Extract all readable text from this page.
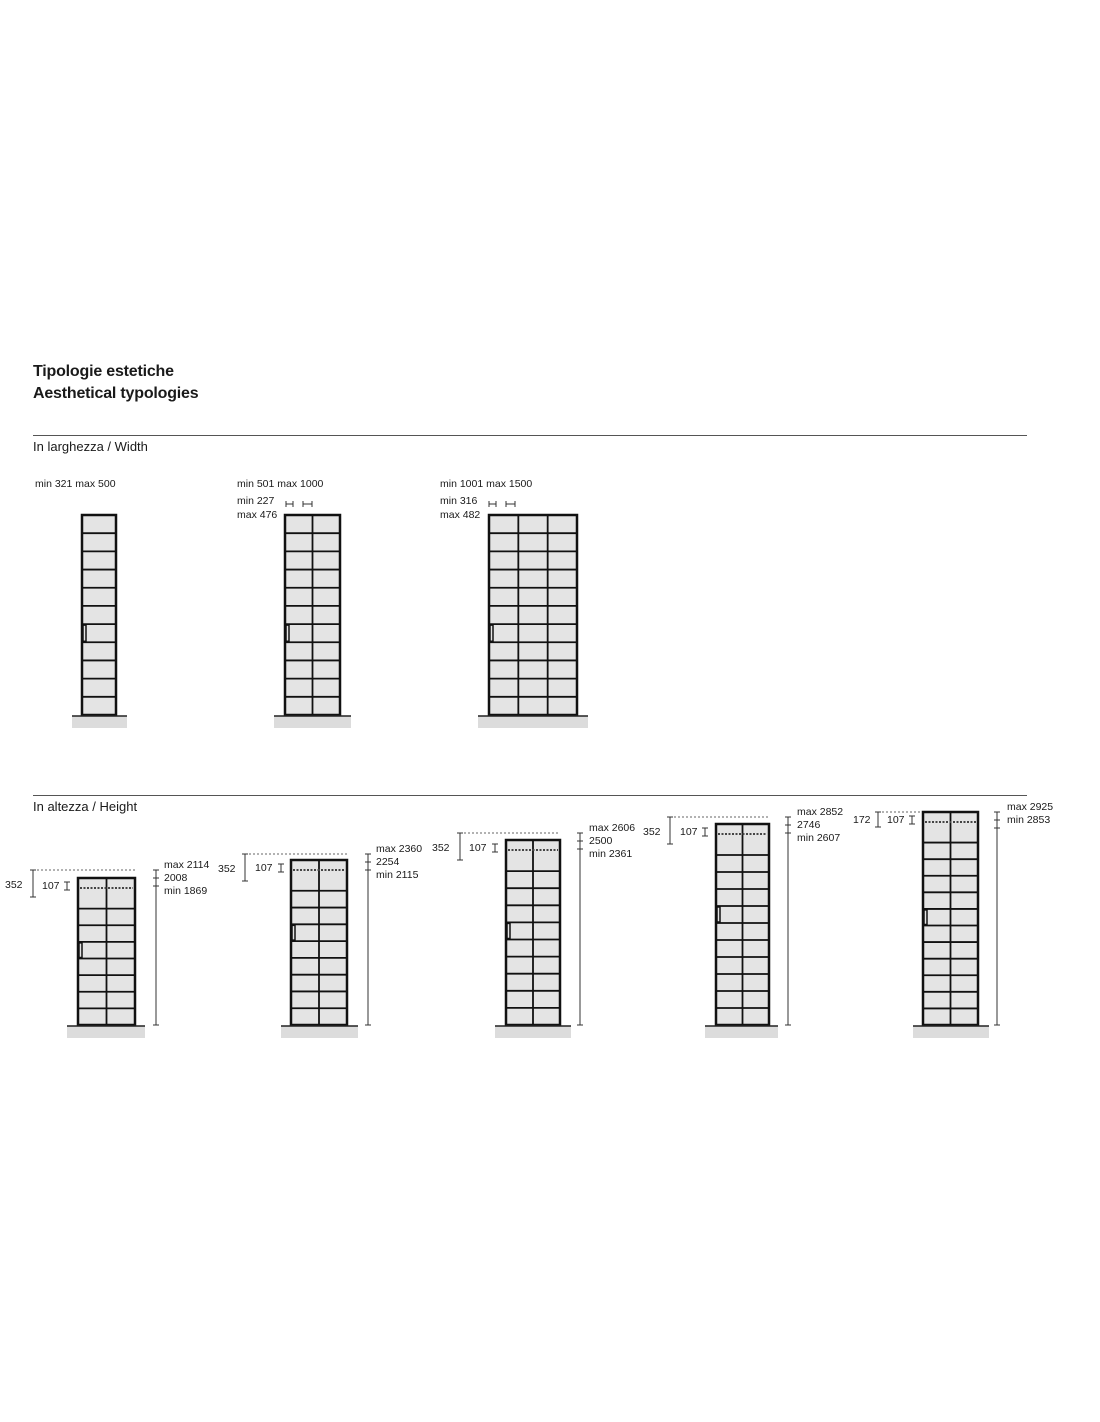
Tipologie estetiche
Aesthetical typologies
In larghezza / Width
In altezza / Height
min 321 max 500	min 501 max 1000
min 227
max 476
min 1001 max 1500
min 316
max 482
352 107
max 2114
2008
min 1869
352 107
max 2360
2254
min 2115
352 107
max 2606
2500
min 2361
352 107
max 2852
2746
min 2607
172 107
max 2925
min 2853
